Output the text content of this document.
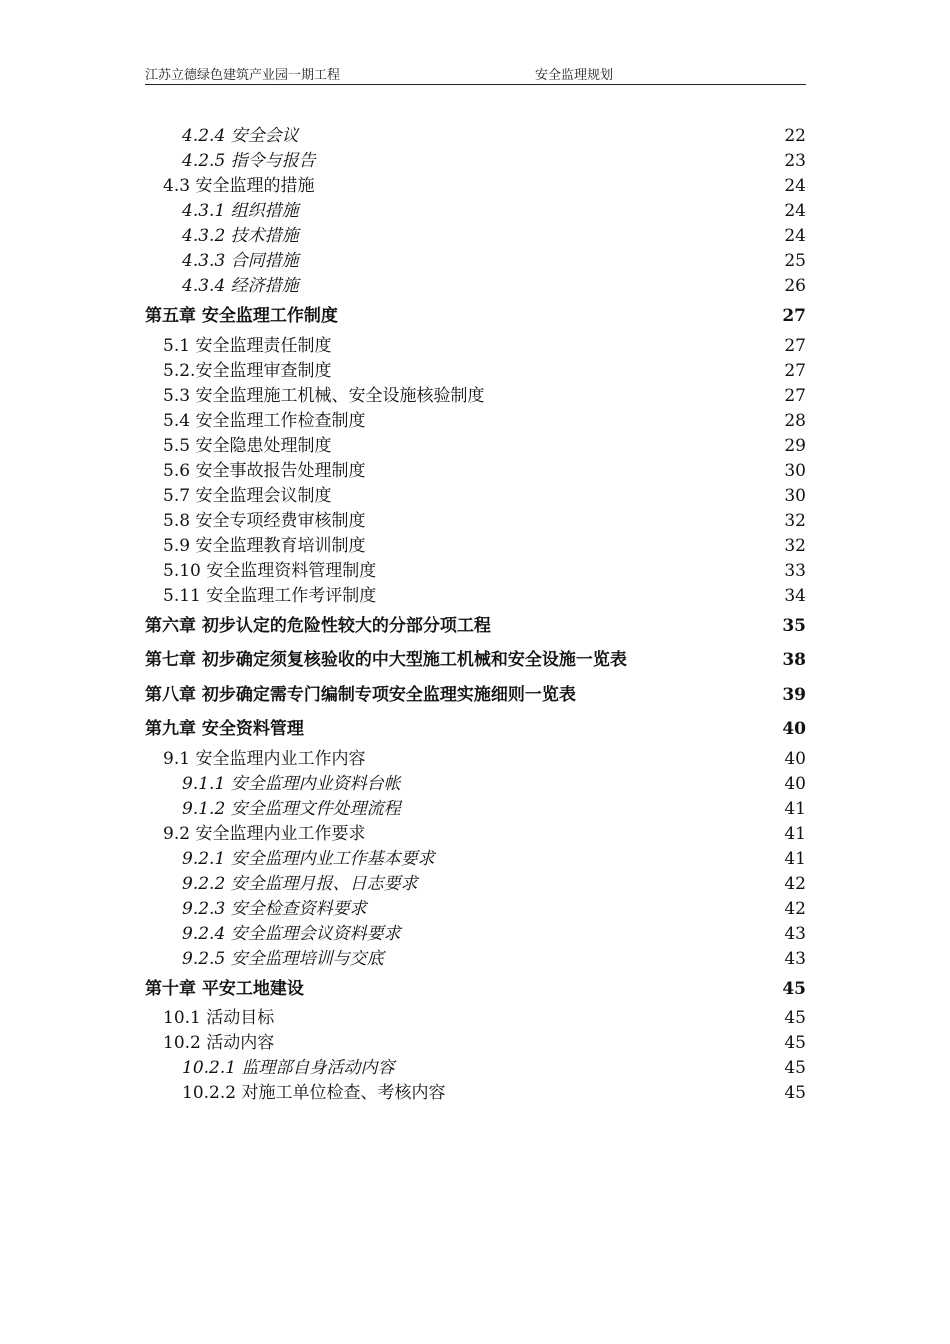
江苏立德绿色建筑产业园一期工程	安全监理规划
4.2.4 安全会议	22
4.2.5 指令与报告	23
4.3 安全监理的措施	24
4.3.1 组织措施	24
4.3.2 技术措施	24
4.3.3 合同措施	25
4.3.4 经济措施	26
第五章 安全监理工作制度	27
5.1 安全监理责任制度	27
5.2.安全监理审查制度	27
5.3 安全监理施工机械、安全设施核验制度	27
5.4 安全监理工作检查制度	28
5.5 安全隐患处理制度	29
5.6 安全事故报告处理制度	30
5.7 安全监理会议制度	30
5.8 安全专项经费审核制度	32
5.9 安全监理教育培训制度	32
5.10 安全监理资料管理制度	33
5.11 安全监理工作考评制度	34
第六章 初步认定的危险性较大的分部分项工程	35
第七章 初步确定须复核验收的中大型施工机械和安全设施一览表	38
第八章 初步确定需专门编制专项安全监理实施细则一览表	39
第九章 安全资料管理	40
9.1 安全监理内业工作内容	40
9.1.1 安全监理内业资料台帐	40
9.1.2 安全监理文件处理流程	41
9.2 安全监理内业工作要求	41
9.2.1 安全监理内业工作基本要求	41
9.2.2 安全监理月报、日志要求	42
9.2.3 安全检查资料要求	42
9.2.4 安全监理会议资料要求	43
9.2.5 安全监理培训与交底	43
第十章 平安工地建设	45
10.1 活动目标	45
10.2 活动内容	45
10.2.1 监理部自身活动内容	45
10.2.2 对施工单位检查、考核内容	45
